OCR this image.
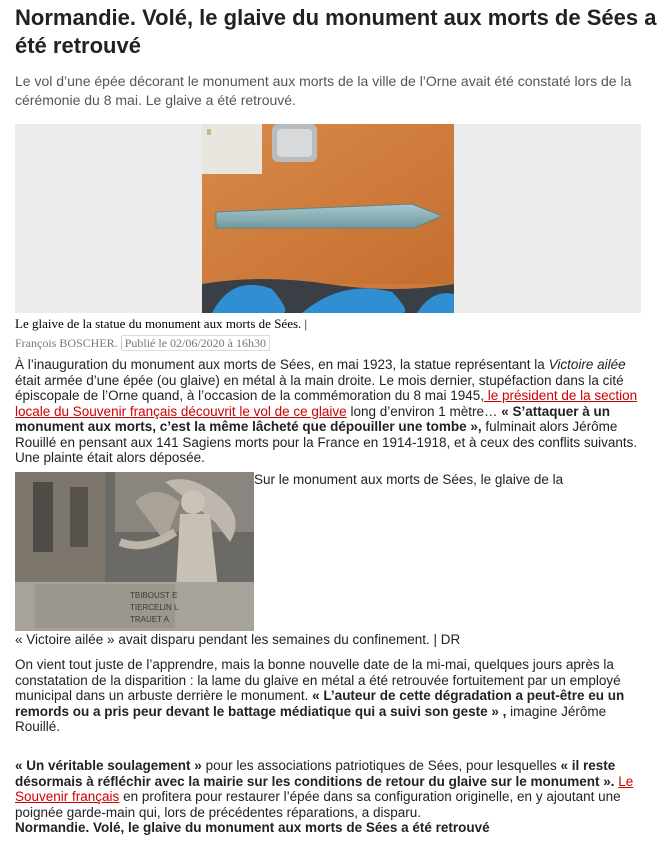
Normandie. Volé, le glaive du monument aux morts de Sées a été retrouvé

Le vol d’une épée décorant le monument aux morts de la ville de l’Orne avait été constaté lors de la cérémonie du 8 mai. Le glaive a été retrouvé.

Le glaive de la statue du monument aux morts de Sées. |
François BOSCHER. Publié le 02/06/2020 à 16h30

À l’inauguration du monument aux morts de Sées, en mai 1923, la statue représentant la Victoire ailée était armée d’une épée (ou glaive) en métal à la main droite. Le mois dernier, stupéfaction dans la cité épiscopale de l’Orne quand, à l’occasion de la commémoration du 8 mai 1945, le président de la section locale du Souvenir français découvrit le vol de ce glaive long d’environ 1 mètre… « S’attaquer à un monument aux morts, c’est la même lâcheté que dépouiller une tombe », fulminait alors Jérôme Rouillé en pensant aux 141 Sagiens morts pour la France en 1914-1918, et à ceux des conflits suivants. Une plainte était alors déposée.

TBIBOUST E
TIERCELIN L
TRAUET A
Sur le monument aux morts de Sées, le glaive de la
« Victoire ailée » avait disparu pendant les semaines du confinement. | DR

On vient tout juste de l’apprendre, mais la bonne nouvelle date de la mi-mai, quelques jours après la constatation de la disparition : la lame du glaive en métal a été retrouvée fortuitement par un employé municipal dans un arbuste derrière le monument. « L’auteur de cette dégradation a peut-être eu un remords ou a pris peur devant le battage médiatique qui a suivi son geste » , imagine Jérôme Rouillé.

« Un véritable soulagement » pour les associations patriotiques de Sées, pour lesquelles « il reste désormais à réfléchir avec la mairie sur les conditions de retour du glaive sur le monument ». Le Souvenir français en profitera pour restaurer l’épée dans sa configuration originelle, en y ajoutant une poignée garde-main qui, lors de précédentes réparations, a disparu.
Normandie. Volé, le glaive du monument aux morts de Sées a été retrouvé
